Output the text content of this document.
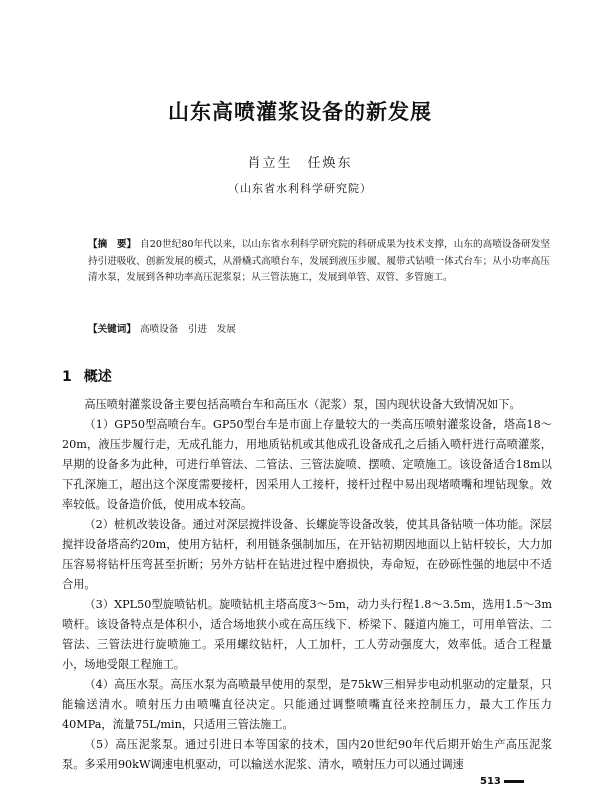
山东高喷灌浆设备的新发展
肖立生　任焕东
（山东省水利科学研究院）
【摘　要】 自20世纪80年代以来，以山东省水利科学研究院的科研成果为技术支撑，山东的高喷设备研发坚持引进吸收、创新发展的模式，从滑橇式高喷台车，发展到液压步履、履带式钻喷一体式台车；从小功率高压清水泵，发展到各种功率高压泥浆泵；从三管法施工，发展到单管、双管、多管施工。
【关键词】 高喷设备　引进　发展
1 概述

高压喷射灌浆设备主要包括高喷台车和高压水（泥浆）泵，国内现状设备大致情况如下。

（1）GP50型高喷台车。GP50型台车是市面上存量较大的一类高压喷射灌浆设备，塔高18～20m，液压步履行走，无成孔能力，用地质钻机或其他成孔设备成孔之后插入喷杆进行高喷灌浆，早期的设备多为此种，可进行单管法、二管法、三管法旋喷、摆喷、定喷施工。该设备适合18m以下孔深施工，超出这个深度需要接杆，因采用人工接杆，接杆过程中易出现堵喷嘴和埋钻现象。效率较低。设备造价低，使用成本较高。

（2）桩机改装设备。通过对深层搅拌设备、长螺旋等设备改装，使其具备钻喷一体功能。深层搅拌设备塔高约20m，使用方钻杆，利用链条强制加压，在开钻初期因地面以上钻杆较长，大力加压容易将钻杆压弯甚至折断；另外方钻杆在钻进过程中磨损快，寿命短，在砂砾性强的地层中不适合用。

（3）XPL50型旋喷钻机。旋喷钻机主塔高度3～5m，动力头行程1.8～3.5m，选用1.5～3m喷杆。该设备特点是体积小，适合场地狭小或在高压线下、桥梁下、隧道内施工，可用单管法、二管法、三管法进行旋喷施工。采用螺纹钻杆，人工加杆，工人劳动强度大，效率低。适合工程量小，场地受限工程施工。

（4）高压水泵。高压水泵为高喷最早使用的泵型，是75kW三相异步电动机驱动的定量泵，只能输送清水。喷射压力由喷嘴直径决定。只能通过调整喷嘴直径来控制压力，最大工作压力40MPa，流量75L/min，只适用三管法施工。

（5）高压泥浆泵。通过引进日本等国家的技术，国内20世纪90年代后期开始生产高压泥浆泵。多采用90kW调速电机驱动，可以输送水泥浆、清水，喷射压力可以通过调速

513
